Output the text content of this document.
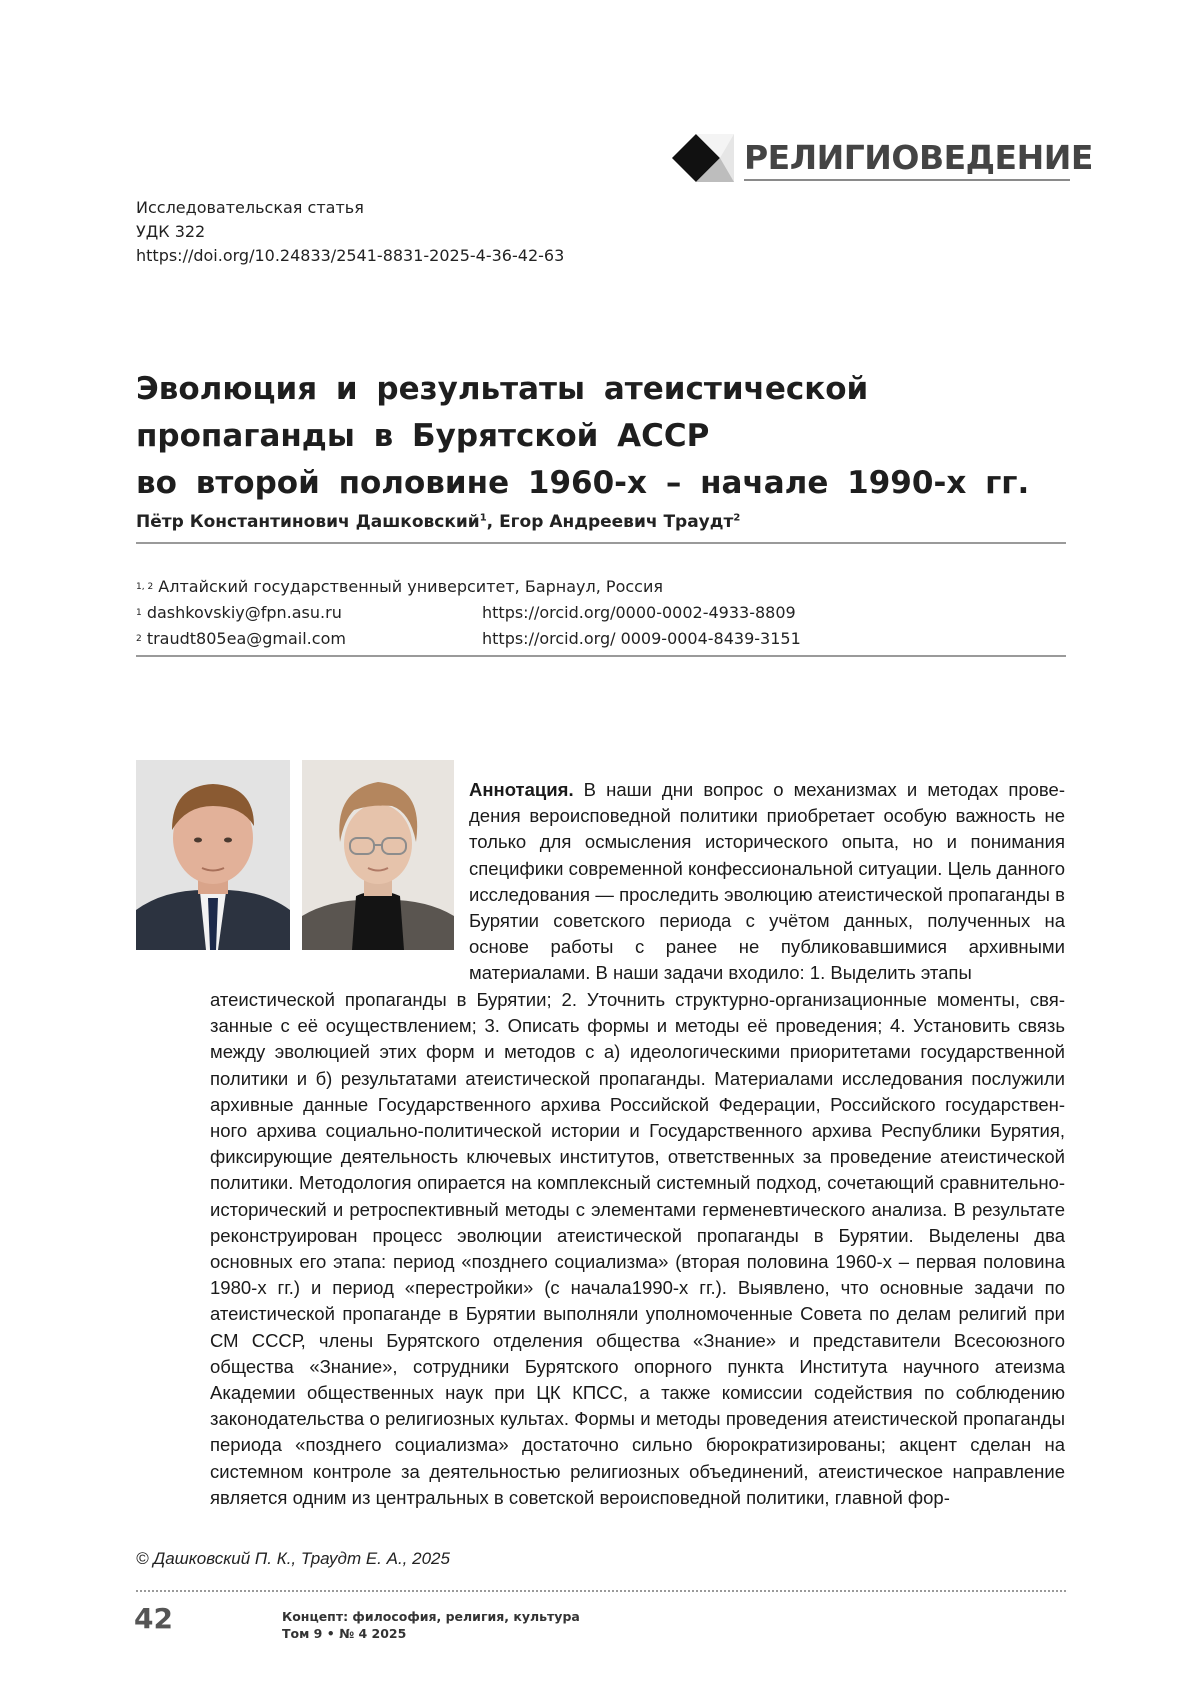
РЕЛИГИОВЕДЕНИЕ
Исследовательская статья
УДК 322
https://doi.org/10.24833/2541-8831-2025-4-36-42-63
Эволюция и результаты атеистической
пропаганды в Бурятской АССР
во второй половине 1960-х – начале 1990-х гг.
Пётр Константинович Дашковский$^1$, Егор Андреевич Траудт$^2$
$^{1, 2}$ Алтайский государственный университет, Барнаул, Россия
$^1$ dashkovskiy@fpn.asu.ru	https://orcid.org/0000-0002-4933-8809
$^2$ traudt805ea@gmail.com	https://orcid.org/ 0009-0004-8439-3151
Аннотация. В наши дни вопрос о механизмах и методах проведения вероисповедной политики приобретает особую важность не только для осмысления исторического опыта, но и понимания специфики современной конфессиональной ситуации. Цель данного исследования — проследить эволюцию атеистической пропаганды в Бурятии советского периода с учётом данных, полученных на основе работы с ранее не публиковавшимися архивными материалами. В наши задачи входило: 1. Выделить этапы
атеистической пропаганды в Бурятии; 2. Уточнить структурно-организационные моменты, связанные с её осуществлением; 3. Описать формы и методы её проведения; 4. Установить связь между эволюцией этих форм и методов с а) идеологическими приоритетами государственной политики и б) результатами атеистической пропаганды. Материалами исследования послужили архивные данные Государственного архива Российской Федерации, Российского государственного архива социально-политической истории и Государственного архива Республики Бурятия, фиксирующие деятельность ключевых институтов, ответственных за проведение атеистической политики. Методология опирается на комплексный системный подход, сочетающий сравнительно-исторический и ретроспективный методы с элементами герменевтического анализа. В результате реконструирован процесс эволюции атеистической пропаганды в Бурятии. Выделены два основных его этапа: период «позднего социализма» (вторая половина 1960-х – первая половина 1980-х гг.) и период «перестройки» (с начала1990-х гг.). Выявлено, что основные задачи по атеистической пропаганде в Бурятии выполняли уполномоченные Совета по делам религий при СМ СССР, члены Бурятского отделения общества «Знание» и представители Всесоюзного общества «Знание», сотрудники Бурятского опорного пункта Института научного атеизма Академии общественных наук при ЦК КПСС, а также комиссии содействия по соблюдению законодательства о религиозных культах. Формы и методы проведения атеистической пропаганды периода «позднего социализма» достаточно сильно бюрократизированы; акцент сделан на системном контроле за деятельностью религиозных объединений, атеистическое направление является одним из центральных в советской вероисповедной политики, главной фор-
© Дашковский П. К., Траудт Е. А., 2025
42	Концепт: философия, религия, культура
Том 9 • № 4 2025
